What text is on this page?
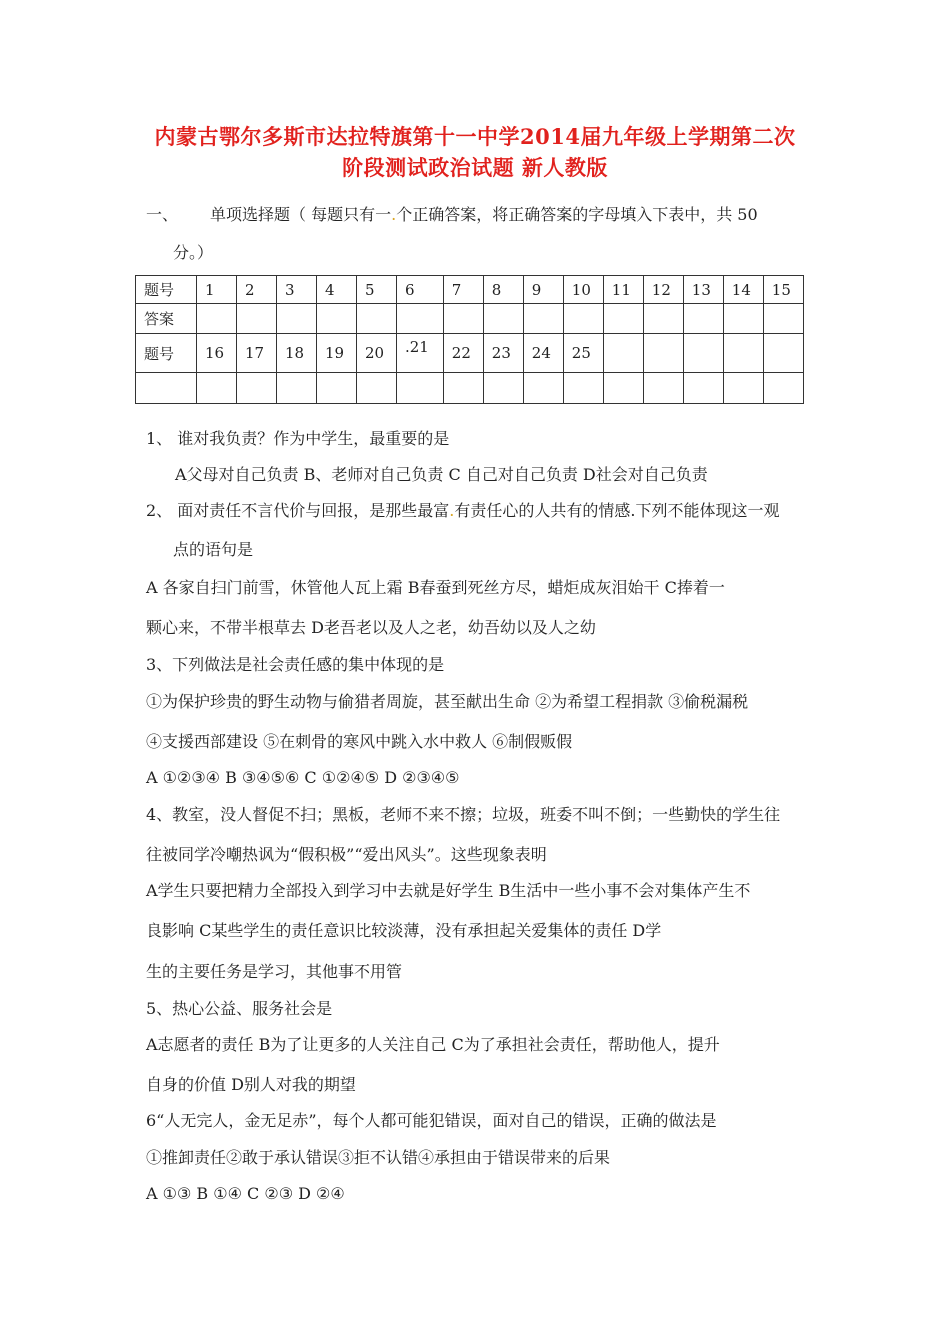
内蒙古鄂尔多斯市达拉特旗第十一中学2014届九年级上学期第二次
阶段测试政治试题 新人教版
一、 单项选择题（ 每题只有一.个正确答案，将正确答案的字母填入下表中，共 50
分。）
题号	1	2	3	4	5	6	7	8	9	10	11	12	13	14	15
答案															
题号	16	17	18	19	20	.21	22	23	24	25					

1、 谁对我负责？作为中学生，最重要的是
A父母对自己负责 B、老师对自己负责 C 自己对自己负责 D社会对自己负责
2、 面对责任不言代价与回报，是那些最富.有责任心的人共有的情感.下列不能体现这一观
点的语句是
A 各家自扫门前雪，休管他人瓦上霜 B春蚕到死丝方尽，蜡炬成灰泪始干 C捧着一
颗心来，不带半根草去 D老吾老以及人之老，幼吾幼以及人之幼
3、下列做法是社会责任感的集中体现的是
①为保护珍贵的野生动物与偷猎者周旋，甚至献出生命 ②为希望工程捐款 ③偷税漏税
④支援西部建设 ⑤在刺骨的寒风中跳入水中救人 ⑥制假贩假
A ①②③④ B ③④⑤⑥ C ①②④⑤ D ②③④⑤
4、教室，没人督促不扫；黑板，老师不来不擦；垃圾，班委不叫不倒；一些勤快的学生往
往被同学冷嘲热讽为“假积极”“爱出风头”。这些现象表明
A学生只要把精力全部投入到学习中去就是好学生 B生活中一些小事不会对集体产生不
良影响 C某些学生的责任意识比较淡薄，没有承担起关爱集体的责任 D学
生的主要任务是学习，其他事不用管
5、热心公益、服务社会是
A志愿者的责任 B为了让更多的人关注自己 C为了承担社会责任，帮助他人，提升
自身的价值 D别人对我的期望
6“人无完人，金无足赤”，每个人都可能犯错误，面对自己的错误，正确的做法是
①推卸责任②敢于承认错误③拒不认错④承担由于错误带来的后果
A ①③ B ①④ C ②③ D ②④
